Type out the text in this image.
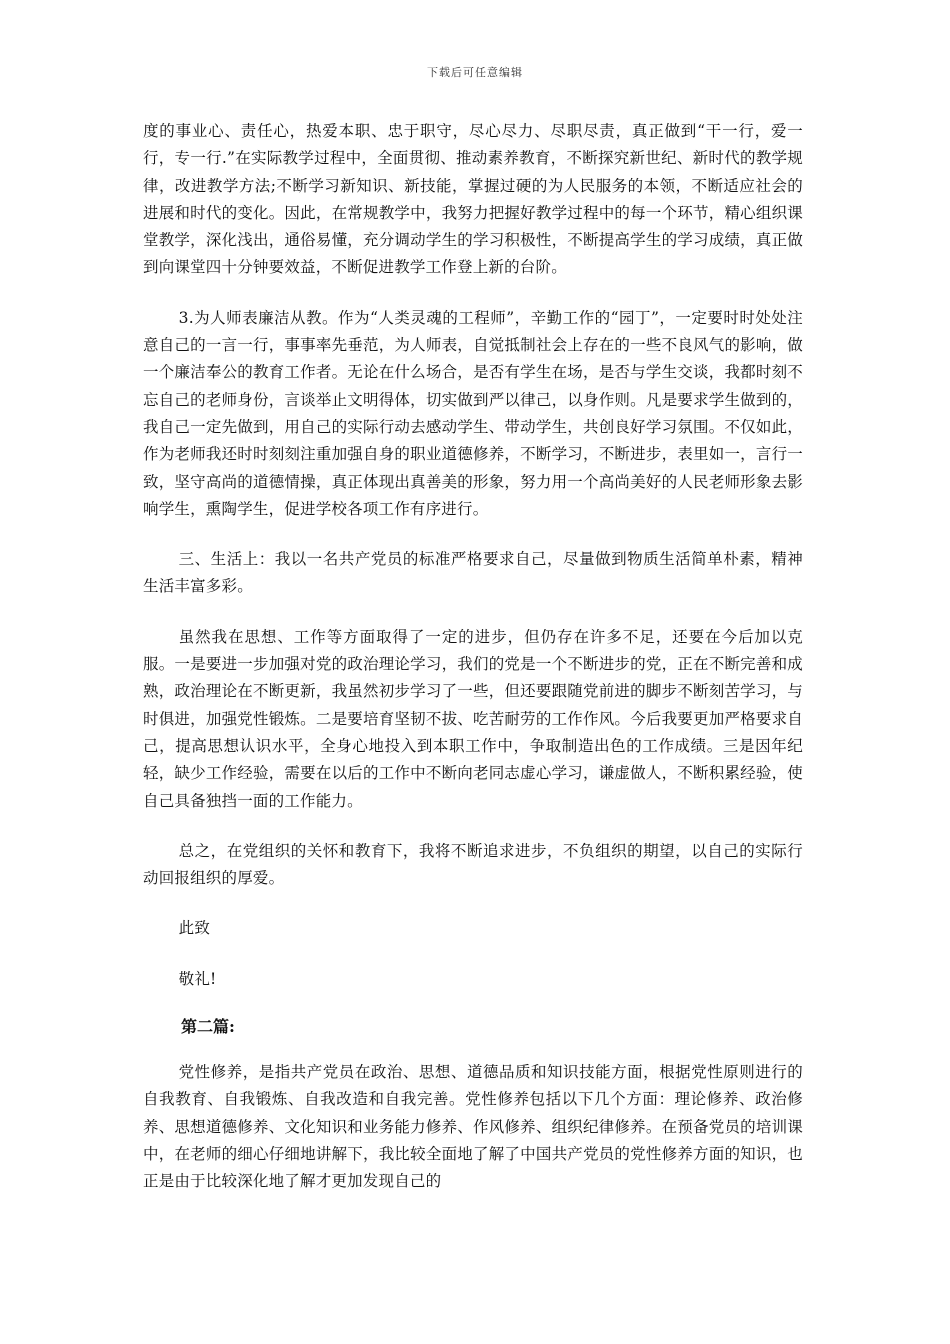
下载后可任意编辑

度的事业心、责任心，热爱本职、忠于职守，尽心尽力、尽职尽责，真正做到“干一行，爱一行，专一行.”在实际教学过程中，全面贯彻、推动素养教育，不断探究新世纪、新时代的教学规律，改进教学方法;不断学习新知识、新技能，掌握过硬的为人民服务的本领，不断适应社会的进展和时代的变化。因此，在常规教学中，我努力把握好教学过程中的每一个环节，精心组织课堂教学，深化浅出，通俗易懂，充分调动学生的学习积极性，不断提高学生的学习成绩，真正做到向课堂四十分钟要效益，不断促进教学工作登上新的台阶。

3.为人师表廉洁从教。作为“人类灵魂的工程师”，辛勤工作的“园丁”，一定要时时处处注意自己的一言一行，事事率先垂范，为人师表，自觉抵制社会上存在的一些不良风气的影响，做一个廉洁奉公的教育工作者。无论在什么场合，是否有学生在场，是否与学生交谈，我都时刻不忘自己的老师身份，言谈举止文明得体，切实做到严以律己，以身作则。凡是要求学生做到的，我自己一定先做到，用自己的实际行动去感动学生、带动学生，共创良好学习氛围。不仅如此，作为老师我还时时刻刻注重加强自身的职业道德修养，不断学习，不断进步，表里如一，言行一致，坚守高尚的道德情操，真正体现出真善美的形象，努力用一个高尚美好的人民老师形象去影响学生，熏陶学生，促进学校各项工作有序进行。

三、生活上：我以一名共产党员的标准严格要求自己，尽量做到物质生活简单朴素，精神生活丰富多彩。

虽然我在思想、工作等方面取得了一定的进步，但仍存在许多不足，还要在今后加以克服。一是要进一步加强对党的政治理论学习，我们的党是一个不断进步的党，正在不断完善和成熟，政治理论在不断更新，我虽然初步学习了一些，但还要跟随党前进的脚步不断刻苦学习，与时俱进，加强党性锻炼。二是要培育坚韧不拔、吃苦耐劳的工作作风。今后我要更加严格要求自己，提高思想认识水平，全身心地投入到本职工作中，争取制造出色的工作成绩。三是因年纪轻，缺少工作经验，需要在以后的工作中不断向老同志虚心学习，谦虚做人，不断积累经验，使自己具备独挡一面的工作能力。

总之，在党组织的关怀和教育下，我将不断追求进步，不负组织的期望，以自己的实际行动回报组织的厚爱。

此致

敬礼!

第二篇:

党性修养，是指共产党员在政治、思想、道德品质和知识技能方面，根据党性原则进行的自我教育、自我锻炼、自我改造和自我完善。党性修养包括以下几个方面：理论修养、政治修养、思想道德修养、文化知识和业务能力修养、作风修养、组织纪律修养。在预备党员的培训课中，在老师的细心仔细地讲解下，我比较全面地了解了中国共产党员的党性修养方面的知识，也正是由于比较深化地了解才更加发现自己的
